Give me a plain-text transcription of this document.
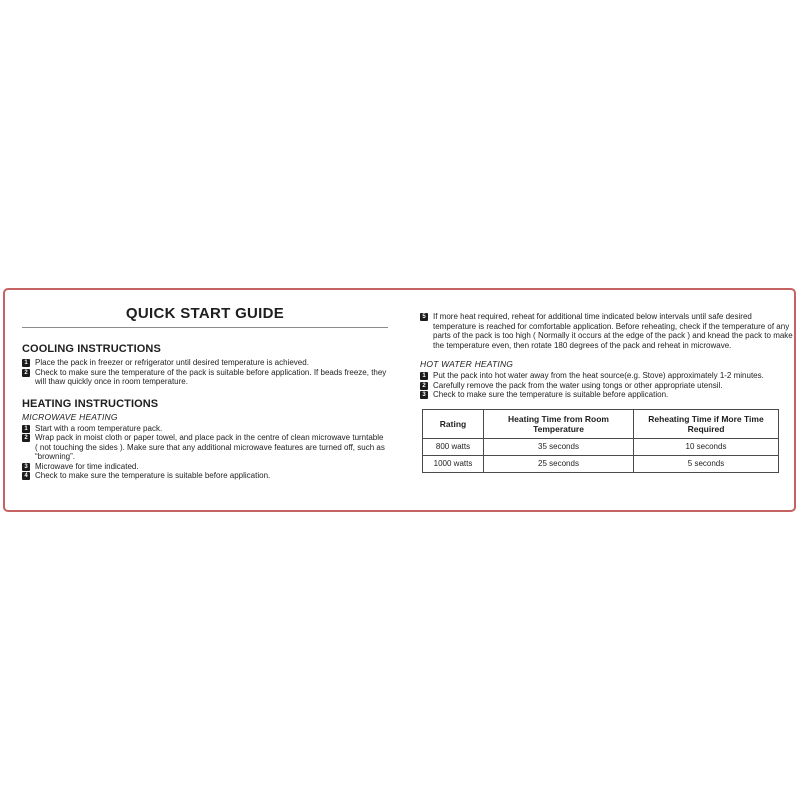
QUICK START GUIDE
COOLING INSTRUCTIONS
1 Place the pack in freezer or refrigerator until desired temperature is achieved.
2 Check to make sure the temperature of the pack is suitable before application. If beads freeze, they will thaw quickly once in room temperature.
HEATING INSTRUCTIONS
MICROWAVE HEATING
1 Start with a room temperature pack.
2 Wrap pack in moist cloth or paper towel, and place pack in the centre of clean microwave turntable ( not touching the sides ). Make sure that any additional microwave features are turned off, such as “browning”.
3 Microwave for time indicated.
4 Check to make sure the temperature is suitable before application.
5 If more heat required, reheat for additional time indicated below intervals until safe desired temperature is reached for comfortable application. Before reheating, check if the temperature of any parts of the pack is too high ( Normally it occurs at the edge of the pack ) and knead the pack to make the temperature even, then rotate 180 degrees of the pack and reheat in microwave.
HOT WATER HEATING
1 Put the pack into hot water away from the heat source(e.g. Stove) approximately 1-2 minutes.
2 Carefully remove the pack from the water using tongs or other appropriate utensil.
3 Check to make sure the temperature is suitable before application.
Rating	Heating Time from Room Temperature	Reheating Time if More Time Required
800 watts	35 seconds	10 seconds
1000 watts	25 seconds	5 seconds
